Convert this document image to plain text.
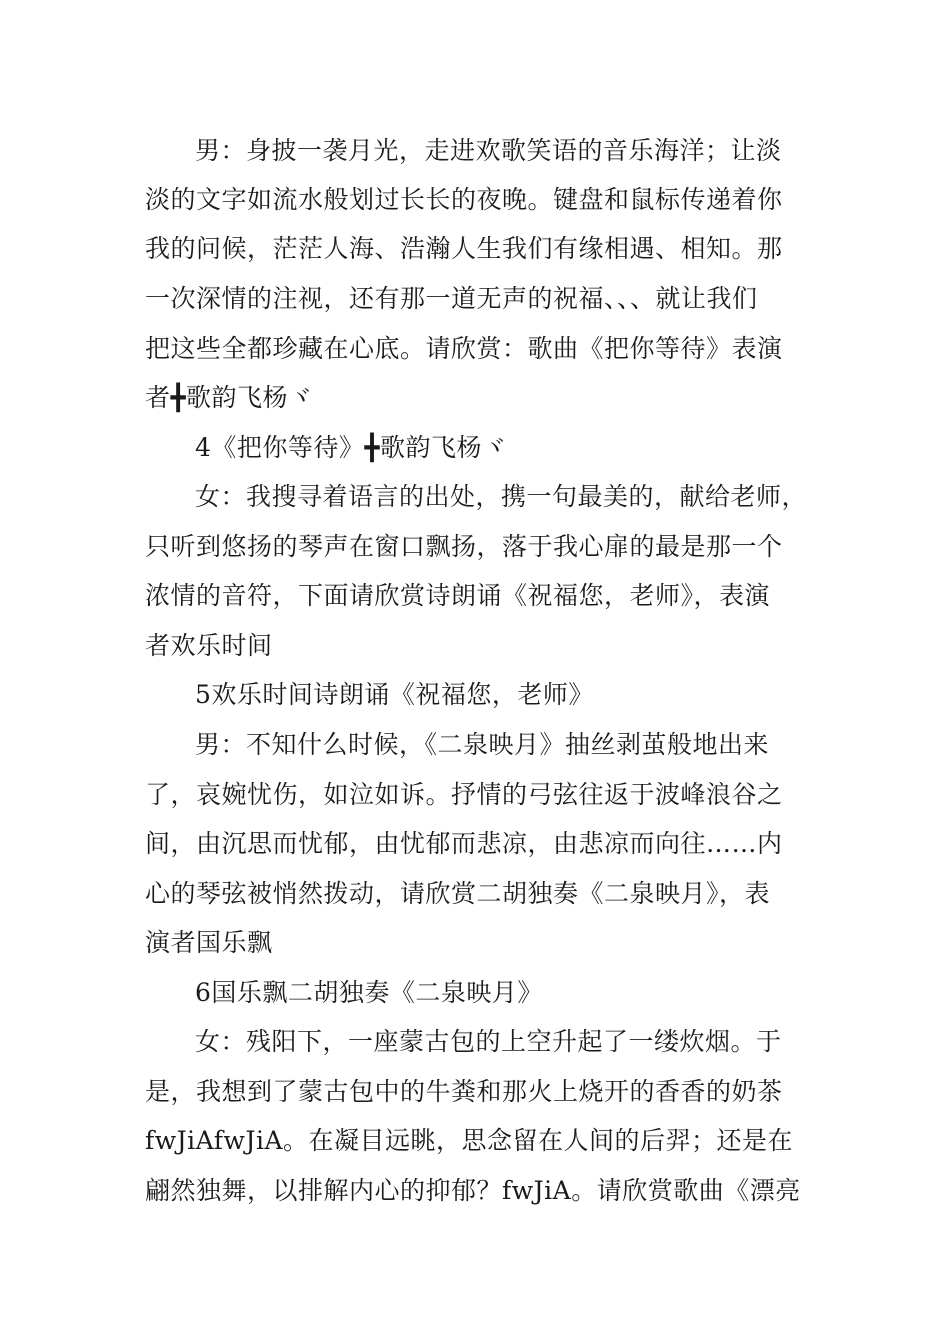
男：身披一袭月光，走进欢歌笑语的音乐海洋；让淡

淡的文字如流水般划过长长的夜晚。键盘和鼠标传递着你

我的问候，茫茫人海、浩瀚人生我们有缘相遇、相知。那

一次深情的注视，还有那一道无声的祝福、、、就让我们

把这些全都珍藏在心底。请欣赏：歌曲《把你等待》表演

者╋歌韵飞杨ヾ

4《把你等待》╋歌韵飞杨ヾ

女：我搜寻着语言的出处，携一句最美的，献给老师，

只听到悠扬的琴声在窗口飘扬，落于我心扉的最是那一个

浓情的音符，下面请欣赏诗朗诵《祝福您，老师》，表演

者欢乐时间

5欢乐时间诗朗诵《祝福您，老师》

男：不知什么时候，《二泉映月》抽丝剥茧般地出来

了，哀婉忧伤，如泣如诉。抒情的弓弦往返于波峰浪谷之

间，由沉思而忧郁，由忧郁而悲凉，由悲凉而向往……内

心的琴弦被悄然拨动，请欣赏二胡独奏《二泉映月》，表

演者国乐飘

6国乐飘二胡独奏《二泉映月》

女：残阳下，一座蒙古包的上空升起了一缕炊烟。于

是，我想到了蒙古包中的牛粪和那火上烧开的香香的奶茶

fwJiAfwJiA。在凝目远眺，思念留在人间的后羿；还是在

翩然独舞，以排解内心的抑郁？fwJiA。请欣赏歌曲《漂亮
